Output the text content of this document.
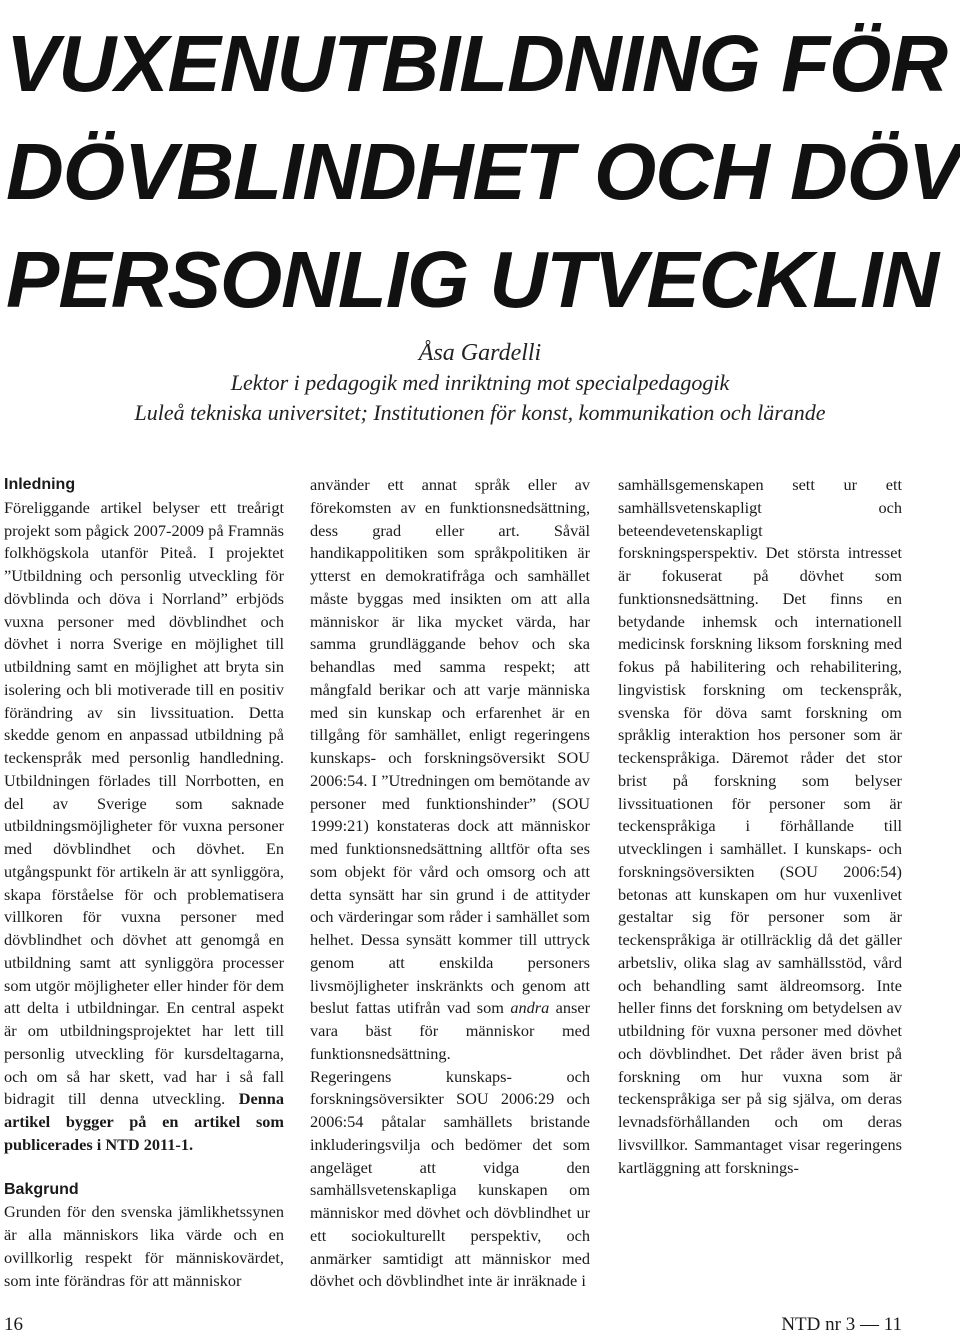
VUXENUTBILDNING FÖR
DÖVBLINDHET OCH DÖV
PERSONLIG UTVECKLIN
Åsa Gardelli
Lektor i pedagogik med inriktning mot specialpedagogik
Luleå tekniska universitet; Institutionen för konst, kommunikation och lärande
Inledning

Föreliggande artikel belyser ett treårigt projekt som pågick 2007-2009 på Framnäs folkhögskola utanför Piteå. I projektet ”Utbildning och personlig utveckling för dövblinda och döva i Norrland” erbjöds vuxna personer med dövblindhet och dövhet i norra Sverige en möjlighet till utbildning samt en möjlighet att bryta sin isolering och bli motiverade till en positiv förändring av sin livssituation. Detta skedde genom en anpassad utbildning på teckenspråk med personlig handledning. Utbildningen förlades till Norrbotten, en del av Sverige som saknade utbildningsmöjligheter för vuxna personer med dövblindhet och dövhet. En utgångspunkt för artikeln är att synliggöra, skapa förståelse för och problematisera villkoren för vuxna personer med dövblindhet och dövhet att genomgå en utbildning samt att synliggöra processer som utgör möjligheter eller hinder för dem att delta i utbildningar. En central aspekt är om utbildningsprojektet har lett till personlig utveckling för kursdeltagarna, och om så har skett, vad har i så fall bidragit till denna utveckling. Denna artikel bygger på en artikel som publicerades i NTD 2011-1.

Bakgrund

Grunden för den svenska jämlikhetssynen är alla människors lika värde och en ovillkorlig respekt för människovärdet, som inte förändras för att människor

16	NTD nr 3 — 11

använder ett annat språk eller av förekomsten av en funktionsnedsättning, dess grad eller art. Såväl handikappolitiken som språkpolitiken är ytterst en demokratifråga och samhället måste byggas med insikten om att alla människor är lika mycket värda, har samma grundläggande behov och ska behandlas med samma respekt; att mångfald berikar och att varje människa med sin kunskap och erfarenhet är en tillgång för samhället, enligt regeringens kunskaps- och forskningsöversikt SOU 2006:54. I ”Utredningen om bemötande av personer med funktionshinder” (SOU 1999:21) konstateras dock att människor med funktionsnedsättning alltför ofta ses som objekt för vård och omsorg och att detta synsätt har sin grund i de attityder och värderingar som råder i samhället som helhet. Dessa synsätt kommer till uttryck genom att enskilda personers livsmöjligheter inskränkts och genom att beslut fattas utifrån vad som andra anser vara bäst för människor med funktionsnedsättning.

Regeringens	kunskaps-	och forskningsöversikter SOU 2006:29 och 2006:54 påtalar samhällets bristande inkluderingsvilja och bedömer det som angeläget	att	vidga	den samhällsvetenskapliga kunskapen om människor med dövhet och dövblindhet ur ett sociokulturellt perspektiv, och anmärker samtidigt att människor med dövhet och dövblindhet inte är inräknade i

samhällsgemenskapen sett ur ett samhällsvetenskapligt	och beteendevetenskapligt forskningsperspektiv. Det största intresset är fokuserat på dövhet som funktionsnedsättning. Det finns en betydande inhemsk och internationell medicinsk forskning liksom forskning med fokus på habilitering och rehabilitering, lingvistisk forskning om teckenspråk, svenska för döva samt forskning om språklig interaktion hos personer som är teckenspråkiga. Däremot råder det stor brist på forskning som belyser livssituationen för personer som är teckenspråkiga i förhållande till utvecklingen i samhället. I kunskaps- och forskningsöversikten (SOU 2006:54) betonas att kunskapen om hur vuxenlivet gestaltar sig för personer som är teckenspråkiga är otillräcklig då det gäller arbetsliv, olika slag av samhällsstöd, vård och behandling samt äldreomsorg. Inte heller finns det forskning om betydelsen av utbildning för vuxna personer med dövhet och dövblindhet. Det råder även brist på forskning om hur vuxna som är teckenspråkiga ser på sig själva, om deras levnadsförhållanden och om deras livsvillkor. Sammantaget visar regeringens kartläggning att forsknings-
